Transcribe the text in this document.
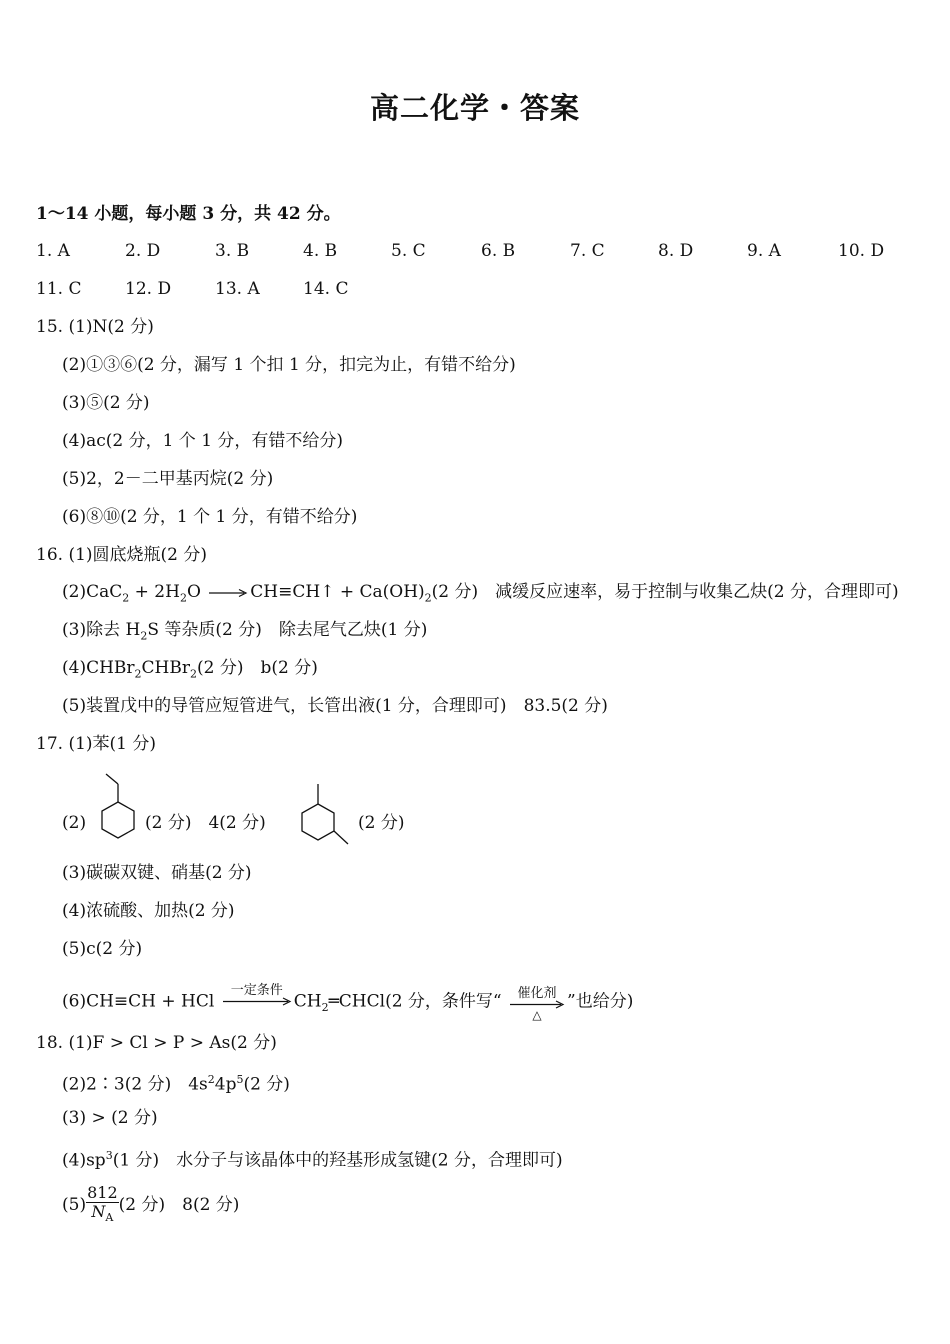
高二化学・答案
1～14 小题，每小题 3 分，共 42 分。
1. A	2. D	3. B	4. B	5. C	6. B	7. C	8. D	9. A	10. D
11. C	12. D	13. A	14. C
15. (1)N(2 分)
(2)①③⑥(2 分，漏写 1 个扣 1 分，扣完为止，有错不给分)
(3)⑤(2 分)
(4)ac(2 分，1 个 1 分，有错不给分)
(5)2，2－二甲基丙烷(2 分)
(6)⑧⑩(2 分，1 个 1 分，有错不给分)
16. (1)圆底烧瓶(2 分)
$(2)CaC_2 + 2H_2O$ → CH≡CH↑ + $Ca(OH)_2(2$ 分)　减缓反应速率，易于控制与收集乙炔(2 分，合理即可)
(3)除去 $H_2S$ 等杂质(2 分)　除去尾气乙炔(1 分)
(4)CHBr$_2$CHBr$_2$(2 分)　b(2 分)
(5)装置戊中的导管应短管进气，长管出液(1 分，合理即可)　83.5(2 分)
17. (1)苯(1 分)
(2)	(2 分)　4(2 分)	(2 分)
(3)碳碳双键、硝基(2 分)
(4)浓硫酸、加热(2 分)
(5)c(2 分)
(6)CH≡CH + HCl
一定条件
$CH_2═CHCl(2$ 分，条件写“	催化剂
△
”也给分)
18. (1)F > Cl > P > As(2 分)
(2)2∶3(2 分)　$4s^24p^5(2$ 分)
(3) > (2 分)
$(4)sp^3(1$ 分)　水分子与该晶体中的羟基形成氢键(2 分，合理即可)
$(5) \frac{812}{N_A} (2$ 分)　8(2 分)
